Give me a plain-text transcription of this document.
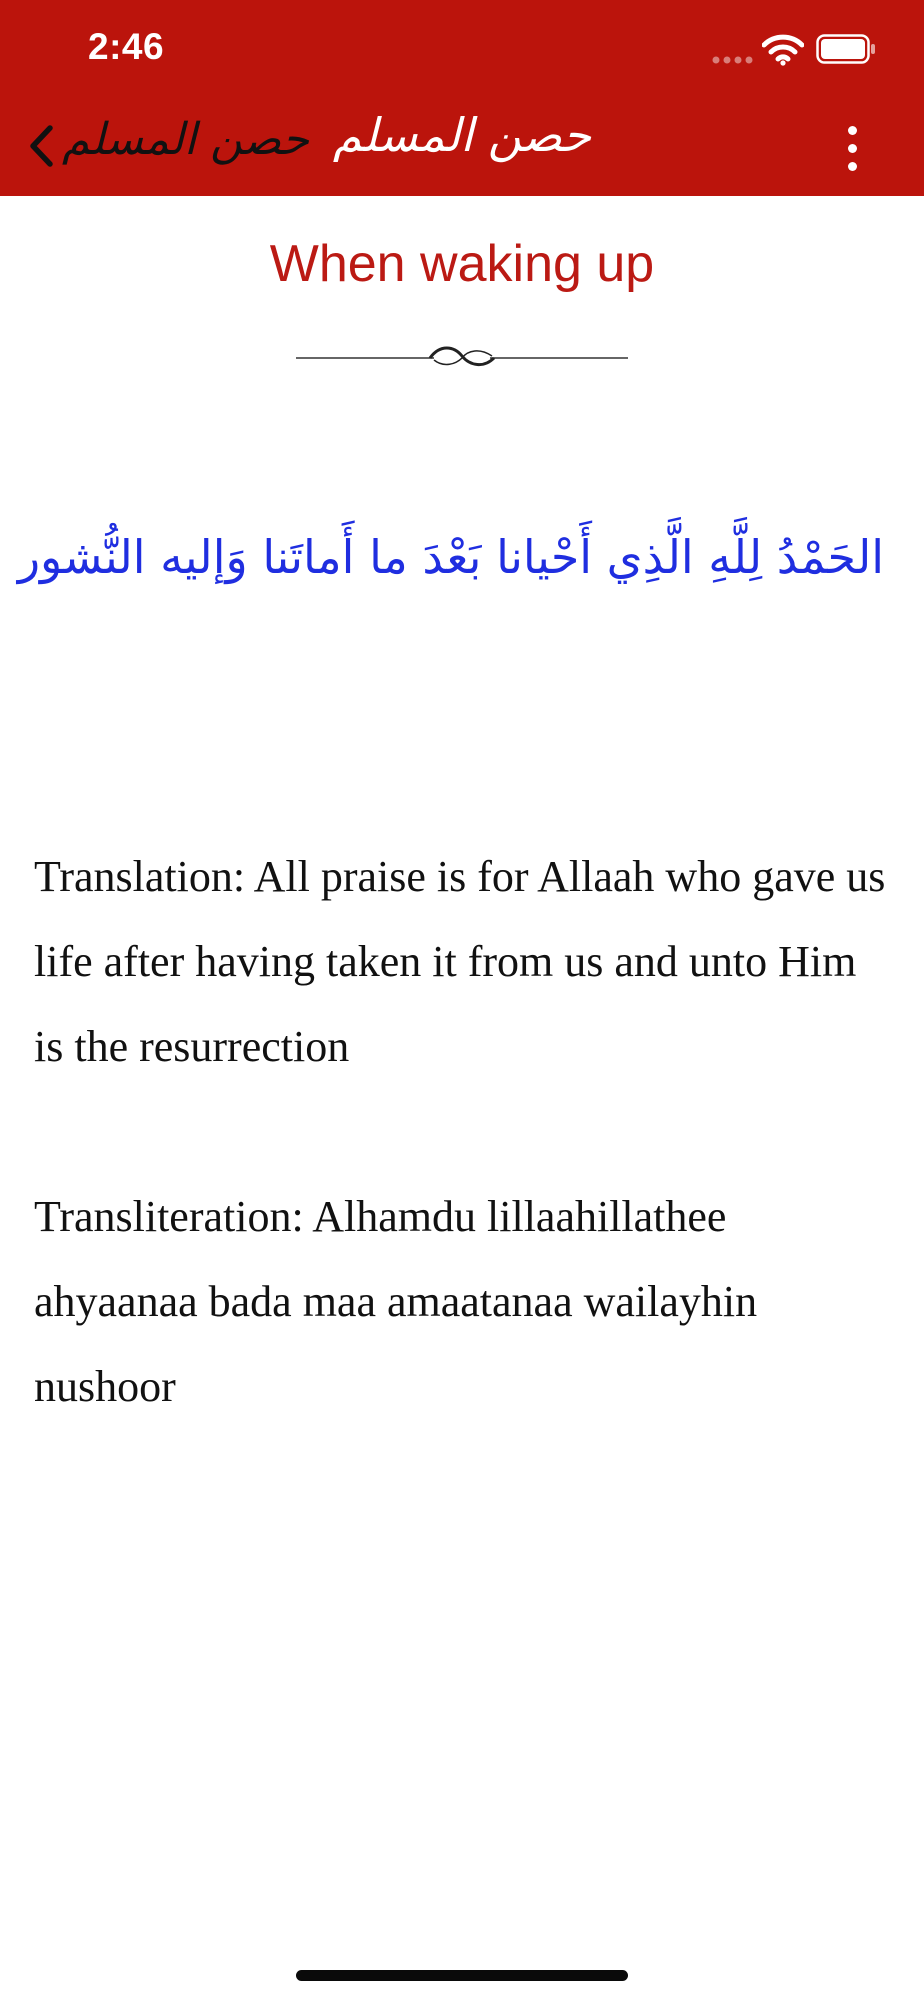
2:46
حصن المسلم حصن المسلم
When waking up
الحَمْدُ لِلَّهِ الَّذِي أَحْيانا بَعْدَ ما أَماتَنا وَإليه النُّشور
Translation: All praise is for Allaah who gave us life after having taken it from us and unto Him is the resurrection
Transliteration: Alhamdu lillaahillathee ahyaanaa bada maa amaatanaa wailayhin nushoor
